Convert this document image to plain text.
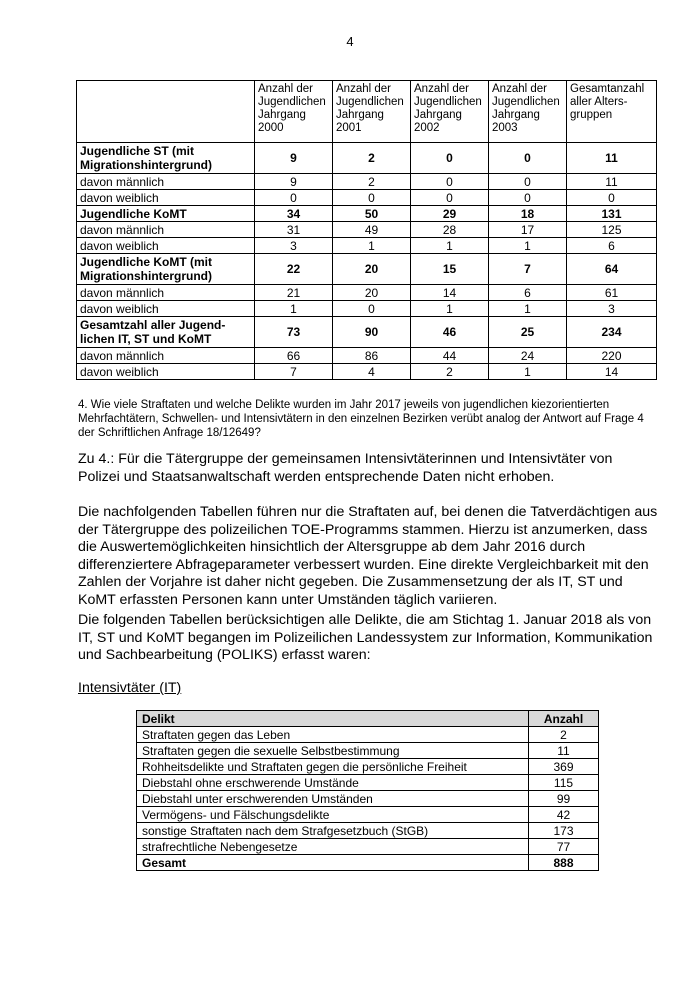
4
	Anzahl der Jugendlichen Jahrgang 2000	Anzahl der Jugendlichen Jahrgang 2001	Anzahl der Jugendlichen Jahrgang 2002	Anzahl der Jugendlichen Jahrgang 2003	Gesamtanzahl aller Alters-gruppen
Jugendliche ST (mit Migrationshintergrund)	9	2	0	0	11
davon männlich	9	2	0	0	11
davon weiblich	0	0	0	0	0
Jugendliche KoMT	34	50	29	18	131
davon männlich	31	49	28	17	125
davon weiblich	3	1	1	1	6
Jugendliche KoMT (mit Migrationshintergrund)	22	20	15	7	64
davon männlich	21	20	14	6	61
davon weiblich	1	0	1	1	3
Gesamtzahl aller Jugendlichen IT, ST und KoMT	73	90	46	25	234
davon männlich	66	86	44	24	220
davon weiblich	7	4	2	1	14
4. Wie viele Straftaten und welche Delikte wurden im Jahr 2017 jeweils von jugendlichen kiezorientierten Mehrfachtätern, Schwellen- und Intensivtätern in den einzelnen Bezirken verübt analog der Antwort auf Frage 4 der Schriftlichen Anfrage 18/12649?
Zu 4.: Für die Tätergruppe der gemeinsamen Intensivtäterinnen und Intensivtäter von Polizei und Staatsanwaltschaft werden entsprechende Daten nicht erhoben.
Die nachfolgenden Tabellen führen nur die Straftaten auf, bei denen die Tatverdächtigen aus der Tätergruppe des polizeilichen TOE-Programms stammen. Hierzu ist anzumerken, dass die Auswertemöglichkeiten hinsichtlich der Altersgruppe ab dem Jahr 2016 durch differenziertere Abfrageparameter verbessert wurden. Eine direkte Vergleichbarkeit mit den Zahlen der Vorjahre ist daher nicht gegeben. Die Zusammensetzung der als IT, ST und KoMT erfassten Personen kann unter Umständen täglich variieren.
Die folgenden Tabellen berücksichtigen alle Delikte, die am Stichtag 1. Januar 2018 als von IT, ST und KoMT begangen im Polizeilichen Landessystem zur Information, Kommunikation und Sachbearbeitung (POLIKS) erfasst waren:
Intensivtäter (IT)
Delikt	Anzahl
Straftaten gegen das Leben	2
Straftaten gegen die sexuelle Selbstbestimmung	11
Rohheitsdelikte und Straftaten gegen die persönliche Freiheit	369
Diebstahl ohne erschwerende Umstände	115
Diebstahl unter erschwerenden Umständen	99
Vermögens- und Fälschungsdelikte	42
sonstige Straftaten nach dem Strafgesetzbuch (StGB)	173
strafrechtliche Nebengesetze	77
Gesamt	888
